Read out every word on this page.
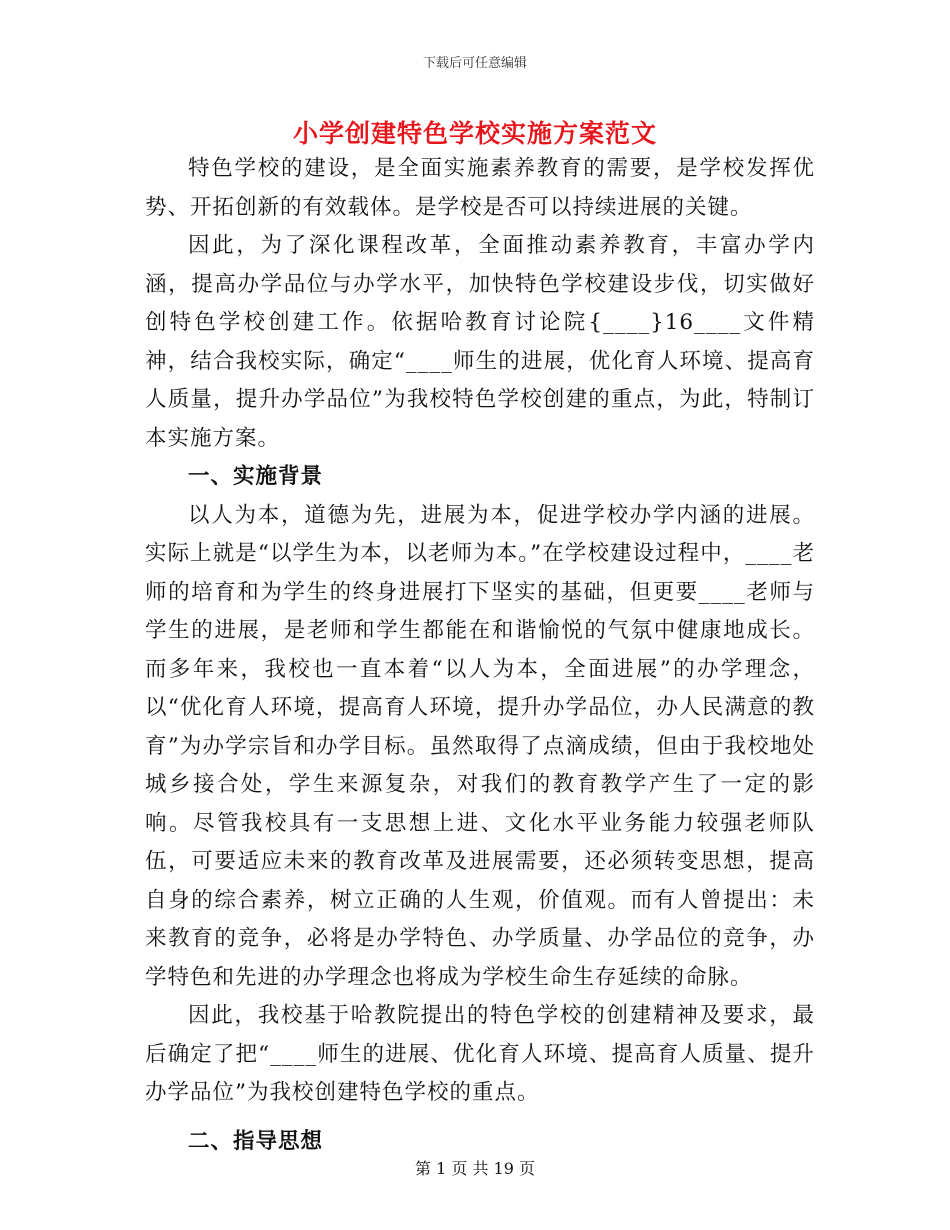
下载后可任意编辑
小学创建特色学校实施方案范文

特色学校的建设，是全面实施素养教育的需要，是学校发挥优势、开拓创新的有效载体。是学校是否可以持续进展的关键。

因此，为了深化课程改革，全面推动素养教育，丰富办学内涵，提高办学品位与办学水平，加快特色学校建设步伐，切实做好创特色学校创建工作。依据哈教育讨论院{____}16____文件精神，结合我校实际，确定“____师生的进展，优化育人环境、提高育人质量，提升办学品位”为我校特色学校创建的重点，为此，特制订本实施方案。

一、实施背景

以人为本，道德为先，进展为本，促进学校办学内涵的进展。实际上就是“以学生为本，以老师为本。”在学校建设过程中，____老师的培育和为学生的终身进展打下坚实的基础，但更要____老师与学生的进展，是老师和学生都能在和谐愉悦的气氛中健康地成长。而多年来，我校也一直本着“以人为本，全面进展”的办学理念，以“优化育人环境，提高育人环境，提升办学品位，办人民满意的教育”为办学宗旨和办学目标。虽然取得了点滴成绩，但由于我校地处城乡接合处，学生来源复杂，对我们的教育教学产生了一定的影响。尽管我校具有一支思想上进、文化水平业务能力较强老师队伍，可要适应未来的教育改革及进展需要，还必须转变思想，提高自身的综合素养，树立正确的人生观，价值观。而有人曾提出：未来教育的竞争，必将是办学特色、办学质量、办学品位的竞争，办学特色和先进的办学理念也将成为学校生命生存延续的命脉。

因此，我校基于哈教院提出的特色学校的创建精神及要求，最后确定了把“____师生的进展、优化育人环境、提高育人质量、提升办学品位”为我校创建特色学校的重点。

二、指导思想

第 1 页 共 19 页
